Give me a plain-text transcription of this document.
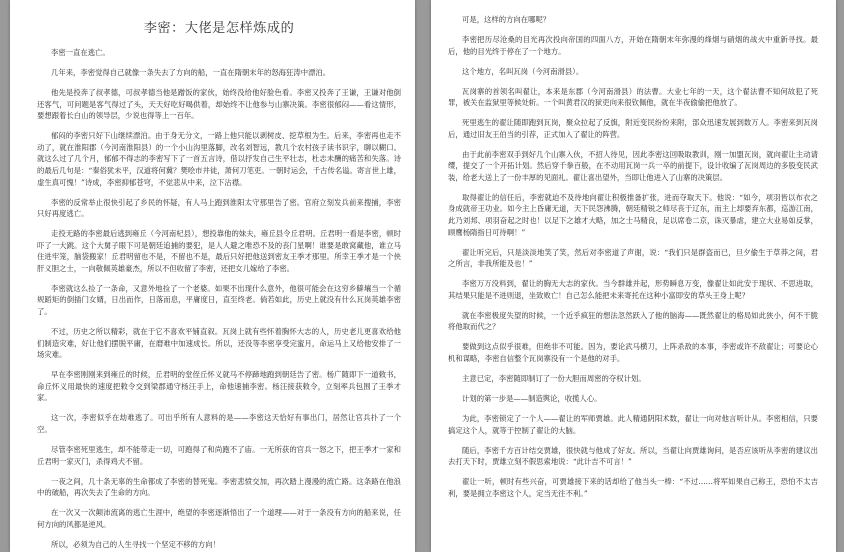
李密：大佬是怎样炼成的

李密一直在逃亡。

几年来，李密觉得自己就像一条失去了方向的船，一直在隋朝末年的怒海狂涛中漂泊。

他先是投奔了叔孝德，可叔孝德当他是蹭饭的家伙，始终没给他好脸色看。李密又投奔了王谦，王谦对他倒还客气，可问题是客气得过了头，天天好吃好喝供着，却始终不让他参与山寨决策。李密很郁闷——看这情形，要想跟着长白山的领导层，少说也得等上一百年。

郁闷的李密只好下山继续漂泊。由于身无分文，一路上他只能以剥树皮、挖草根为生。后来，李密再也走不动了，就在淮阳郡（今河南淮阳县）的一个小山沟里落脚，改名刘智远，教几个农村孩子读书识字，聊以糊口。就这么过了几个月，郁郁不得志的李密写下了一首五言诗，借以抒发自己生平壮志，杜志未酬的痛苦和失落。诗的最后几句是：“秦俗犹未平，汉道将何冀？樊哙市井徒，萧何刀笔吏。一朝时运会，千古传名谥。寄言世上雄，虚生真可愧！”诗成，李密抑郁苍穹，不觉悲从中来，泣下沾襟。

李密的反常举止很快引起了乡民的怀疑，有人马上跑到淮阳太守那里告了密。官府立刻发兵前来搜捕，李密只好再度逃亡。

走投无路的李密最后逃到雍丘（今河南杞县），想投靠他的妹夫，雍丘县令丘君明。丘君明一看是李密，顿时吓了一大跳。这个大舅子眼下可是朝廷追捕的要犯，是人人避之唯恐不及的丧门星啊！谁要是敢窝藏他，谁立马住进牢笼，脑袋搬家！丘君明留也不是，不留也不是，最后只好把他送到密友王季才那里。所幸王季才是一个侠肝义胆之士，一向敬佩英雄豪杰，所以不但收留了李密，还把女儿嫁给了李密。

李密就这么捡了一条命，又意外地捡了一个老婆。如果不出现什么意外，他很可能会在这穷乡僻壤当一个循规蹈矩的倒插门女婿，日出而作，日落而息，平庸度日，直至终老。倘若如此，历史上就没有什么瓦岗英雄李密了。

不过，历史之所以精彩，就在于它不喜欢平铺直叙。瓦岗上就有些怀着胸怀大志的人，历史老儿更喜欢给他们制造灾难，好让他们摆脱平庸，在磨难中加速成长。所以，还没等李密享受完蜜月，命运马上又给他安排了一场灾难。

早在李密刚刚来到雍丘的时候，丘君明的堂侄丘怀义就马不停蹄地跑到朝廷告了密。杨广随即下一道敕书，命丘怀义用最快的速度把敕令交到梁郡通守杨汪手上，命他速捕李密。杨汪接获敕令，立刻率兵包围了王季才家。

这一次，李密似乎在劫难逃了。可出乎所有人意料的是——李密这天恰好有事出门，居然让官兵扑了一个空。

尽管李密死里逃生，却不能带走一切，可跑得了和尚跑不了庙。一无所获的官兵一怒之下，把王季才一家和丘君明一家灭门，杀得鸡犬不留。

一夜之间，几十条无辜的生命都成了李密的替死鬼。李密悲愤交加，再次踏上漫漫的流亡路。这条路在他浪中的破船，再次失去了生命的方向。

在一次又一次颠沛流离的逃亡生涯中，绝望的李密逐渐悟出了一个道理——对于一条没有方向的船来说，任何方向的风都是逆风。

所以，必须为自己的人生寻找一个坚定不移的方向！

可是，这样的方向在哪呢？

李密把历尽沧桑的目光再次投向帝国的四面八方，开始在隋朝末年弥漫的烽烟与硝烟的战火中重新寻找。最后，他的目光终于停在了一个地方。

这个地方，名叫瓦岗（今河南滑县）。

瓦岗寨的首领名叫翟让，本来是东郡（今河南滑县）的法曹。大业七年的一天，这个翟法曹不知何故犯了死罪，被关在监狱里等候处斩。一个叫黄君汉的狱吏向来很钦佩他，就在半夜偷偷把他放了。

死里逃生的翟让随即跑到瓦岗，聚众拉起了反旗，附近变民纷纷来附，部众迅速发展到数万人。李密来到瓦岗后，通过旧友王伯当的引荐，正式加入了翟让的阵营。

由于此前李密双手到好几个山寨入伙，不招人待见，因此李密这回吸取教训，刚一加盟瓦岗，就向翟让主动请缨，提交了一个开拓计划。然后穿千拳百般，在不动用瓦岗一兵一卒的前提下，设计收编了瓦岗周边的多股变民武装，给老大送上了一份丰厚的见面礼。翟让喜出望外，当即让他进入了山寨的决策层。

取得翟让的信任后，李密就迫不及待地向翟让积极推备扩张，进而夺取天下。他说：“如今，项羽皆以布衣之身成就帝王功业。如今主上昏庸无道，天下民怨沸腾，朝廷精锐之师尽丧于辽东，而主上却要弃东都，巡游江南，此乃刘邦、项羽奋起之时也！以足下之雄才大略，加之士马精良，足以席卷二京，诛灭暴虐，建立大业易如反掌，顾鹰杨隋指日可待啊！”

翟让听完后，只是淡淡地笑了笑，然后对李密道了声谢，说：“我们只是群盗而已，旦夕偷生于草莽之间，君之所言，非我所能及也！”

李密万万没料到，翟让的胸无大志的家伙。当今群雄并起，形势瞬息万变，像翟让如此安于现状、不思进取，其结果只能是不进则退，坐致败亡！自己怎么能把未来寄托在这种小富即安的草头王身上呢？

就在李密极度失望的时候，一个近乎疯狂的想法忽然跃入了他的脑海——既然翟让的格局如此狭小，何不干脆将他取而代之？

要做到这点似乎很难，但绝非不可能。因为，要论武马横刀，上阵杀敌的本事，李密或许不敌翟让；可要论心机和谋略，李密自信整个瓦岗寨没有一个是他的对手。

主意已定，李密随即制订了一份大胆而周密的夺权计划。

计划的第一步是——制造舆论，收揽人心。

为此，李密锁定了一个人——翟让的军师贾雄。此人精通阴阳术数，翟让一向对他言听计从。李密相信，只要搞定这个人，就等于控制了翟让的大脑。

随后，李密千方百计结交贾雄，很快就与他成了好友。所以，当翟让向贾雄询问，是否应该听从李密的建议出去打天下时，贾雄立刻不假思索地说：“此计吉不可言！”

翟让一听，顿时有些兴奋，可贾雄接下来的话却给了他当头一棒：“不过……将军如果自己称王，恐怕不太吉利，要是拥立李密这个人，定当无往不利。”
